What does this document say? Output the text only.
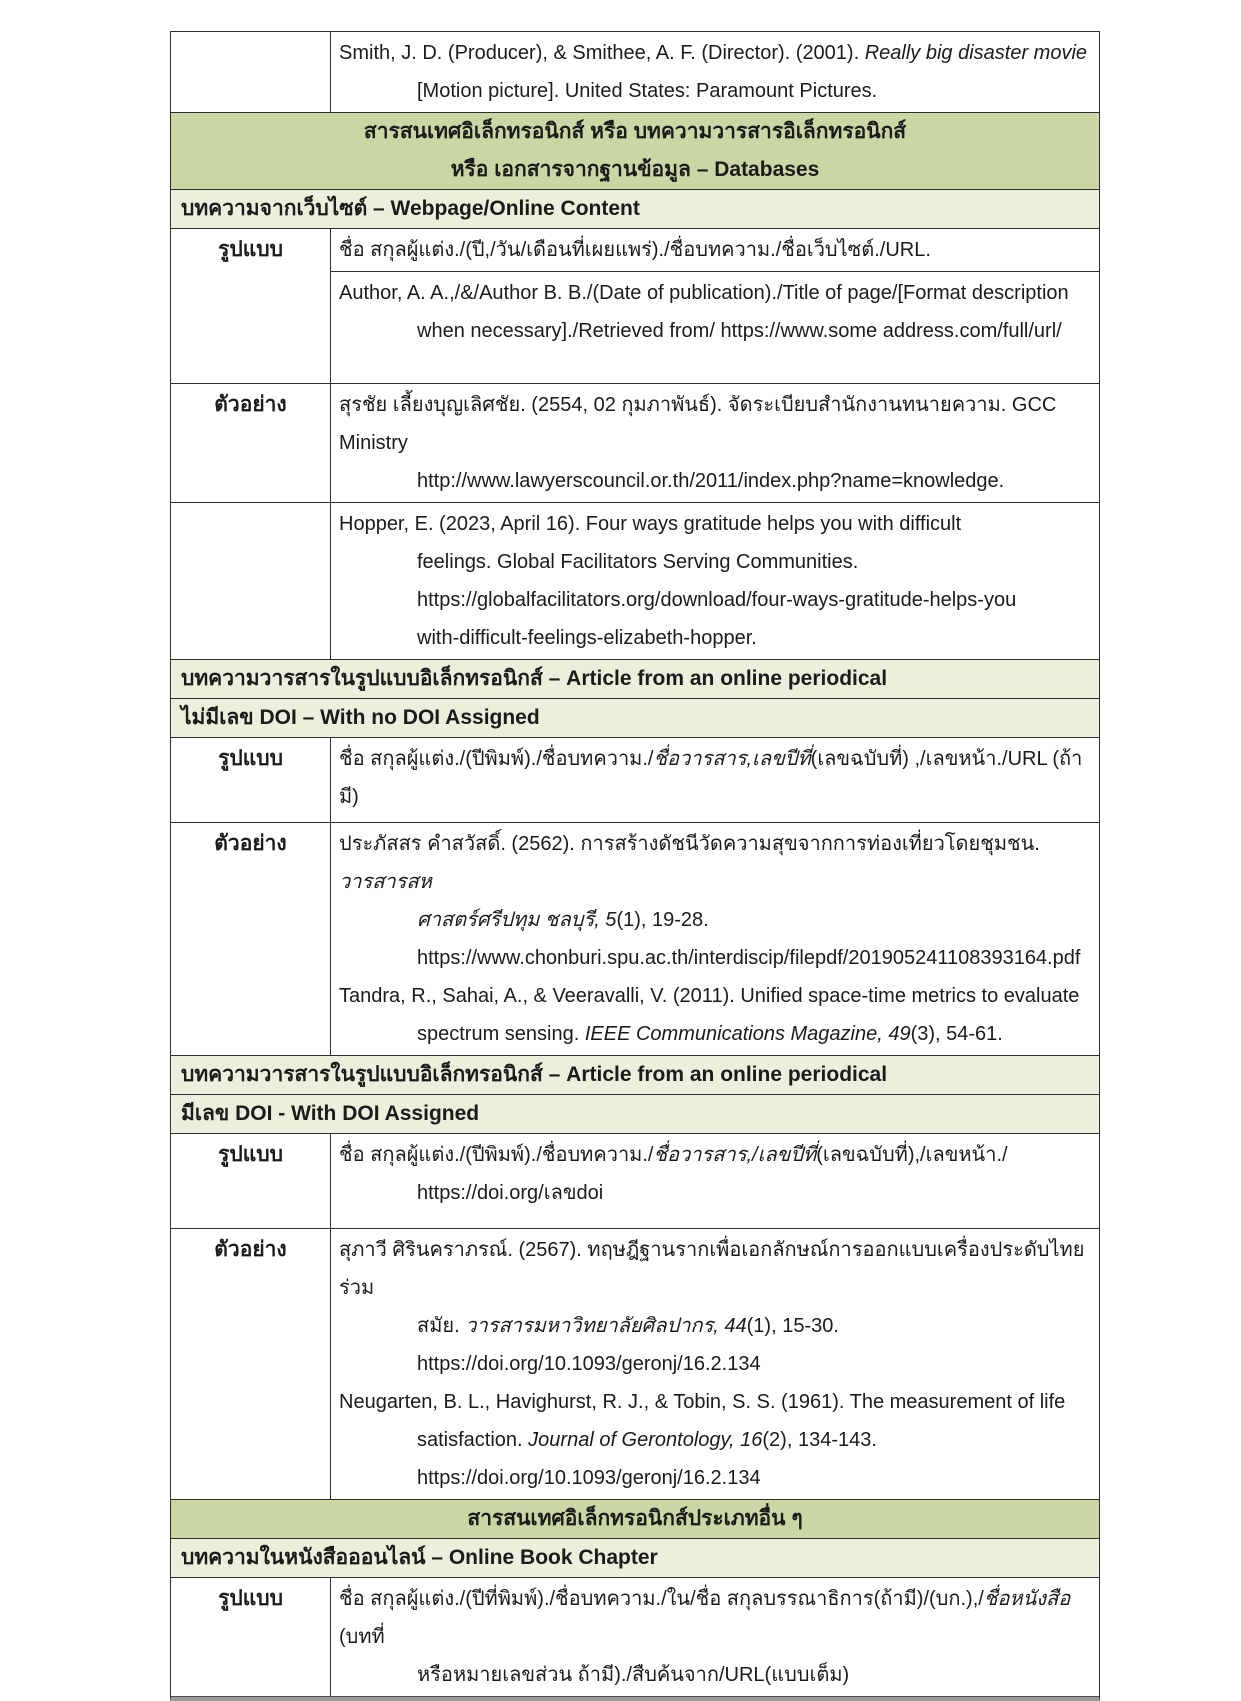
Smith, J. D. (Producer), & Smithee, A. F. (Director). (2001). Really big disaster movie
[Motion picture]. United States: Paramount Pictures.
สารสนเทศอิเล็กทรอนิกส์ หรือ บทความวารสารอิเล็กทรอนิกส์
หรือ เอกสารจากฐานข้อมูล – Databases
บทความจากเว็บไซต์ – Webpage/Online Content
รูปแบบ	ชื่อ สกุลผู้แต่ง./(ปี,/วัน/เดือนที่เผยแพร่)./ชื่อบทความ./ชื่อเว็บไซต์./URL.
Author, A. A.,/&/Author B. B./(Date of publication)./Title of page/[Format description
when necessary]./Retrieved from/ https://www.some address.com/full/url/
ตัวอย่าง	สุรชัย เลี้ยงบุญเลิศชัย. (2554, 02 กุมภาพันธ์). จัดระเบียบสำนักงานทนายความ. GCC Ministry
http://www.lawyerscouncil.or.th/2011/index.php?name=knowledge.
Hopper, E. (2023, April 16). Four ways gratitude helps you with difficult
feelings. Global Facilitators Serving Communities.
https://globalfacilitators.org/download/four-ways-gratitude-helps-you
with-difficult-feelings-elizabeth-hopper.
บทความวารสารในรูปแบบอิเล็กทรอนิกส์ – Article from an online periodical
ไม่มีเลข DOI – With no DOI Assigned
รูปแบบ	ชื่อ สกุลผู้แต่ง./(ปีพิมพ์)./ชื่อบทความ./ชื่อวารสาร,เลขปีที่(เลขฉบับที่) ,/เลขหน้า./URL (ถ้ามี)
ตัวอย่าง	ประภัสสร คำสวัสดิ์. (2562). การสร้างดัชนีวัดความสุขจากการท่องเที่ยวโดยชุมชน. วารสารสห
ศาสตร์ศรีปทุม ชลบุรี, 5(1), 19-28.
https://www.chonburi.spu.ac.th/interdiscip/filepdf/201905241108393164.pdf
Tandra, R., Sahai, A., & Veeravalli, V. (2011). Unified space-time metrics to evaluate
spectrum sensing. IEEE Communications Magazine, 49(3), 54-61.
บทความวารสารในรูปแบบอิเล็กทรอนิกส์ – Article from an online periodical
มีเลข DOI - With DOI Assigned
รูปแบบ	ชื่อ สกุลผู้แต่ง./(ปีพิมพ์)./ชื่อบทความ./ชื่อวารสาร,/เลขปีที่(เลขฉบับที่),/เลขหน้า./
https://doi.org/เลขdoi
ตัวอย่าง	สุภาวี ศิรินคราภรณ์. (2567). ทฤษฎีฐานรากเพื่อเอกลักษณ์การออกแบบเครื่องประดับไทย ร่วม
สมัย. วารสารมหาวิทยาลัยศิลปากร, 44(1), 15-30.
https://doi.org/10.1093/geronj/16.2.134
Neugarten, B. L., Havighurst, R. J., & Tobin, S. S. (1961). The measurement of life
satisfaction. Journal of Gerontology, 16(2), 134-143.
https://doi.org/10.1093/geronj/16.2.134
สารสนเทศอิเล็กทรอนิกส์ประเภทอื่น ๆ
บทความในหนังสือออนไลน์ – Online Book Chapter
รูปแบบ	ชื่อ สกุลผู้แต่ง./(ปีที่พิมพ์)./ชื่อบทความ./ใน/ชื่อ สกุลบรรณาธิการ(ถ้ามี)/(บก.),/ชื่อหนังสือ (บทที่
หรือหมายเลขส่วน ถ้ามี)./สืบค้นจาก/URL(แบบเต็ม)
